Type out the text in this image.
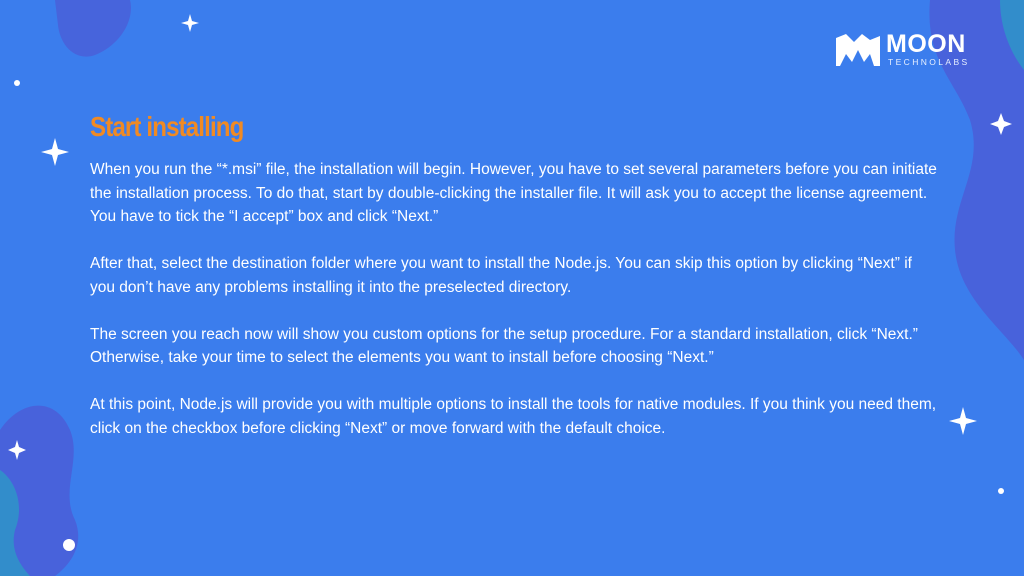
MOON
TECHNOLABS
Start installing

When you run the “*.msi” file, the installation will begin. However, you have to set several parameters before you can initiate the installation process. To do that, start by double-clicking the installer file. It will ask you to accept the license agreement. You have to tick the “I accept” box and click “Next.”

After that, select the destination folder where you want to install the Node.js. You can skip this option by clicking “Next” if you don’t have any problems installing it into the preselected directory.

The screen you reach now will show you custom options for the setup procedure. For a standard installation, click “Next.” Otherwise, take your time to select the elements you want to install before choosing “Next.”

At this point, Node.js will provide you with multiple options to install the tools for native modules. If you think you need them, click on the checkbox before clicking “Next” or move forward with the default choice.
